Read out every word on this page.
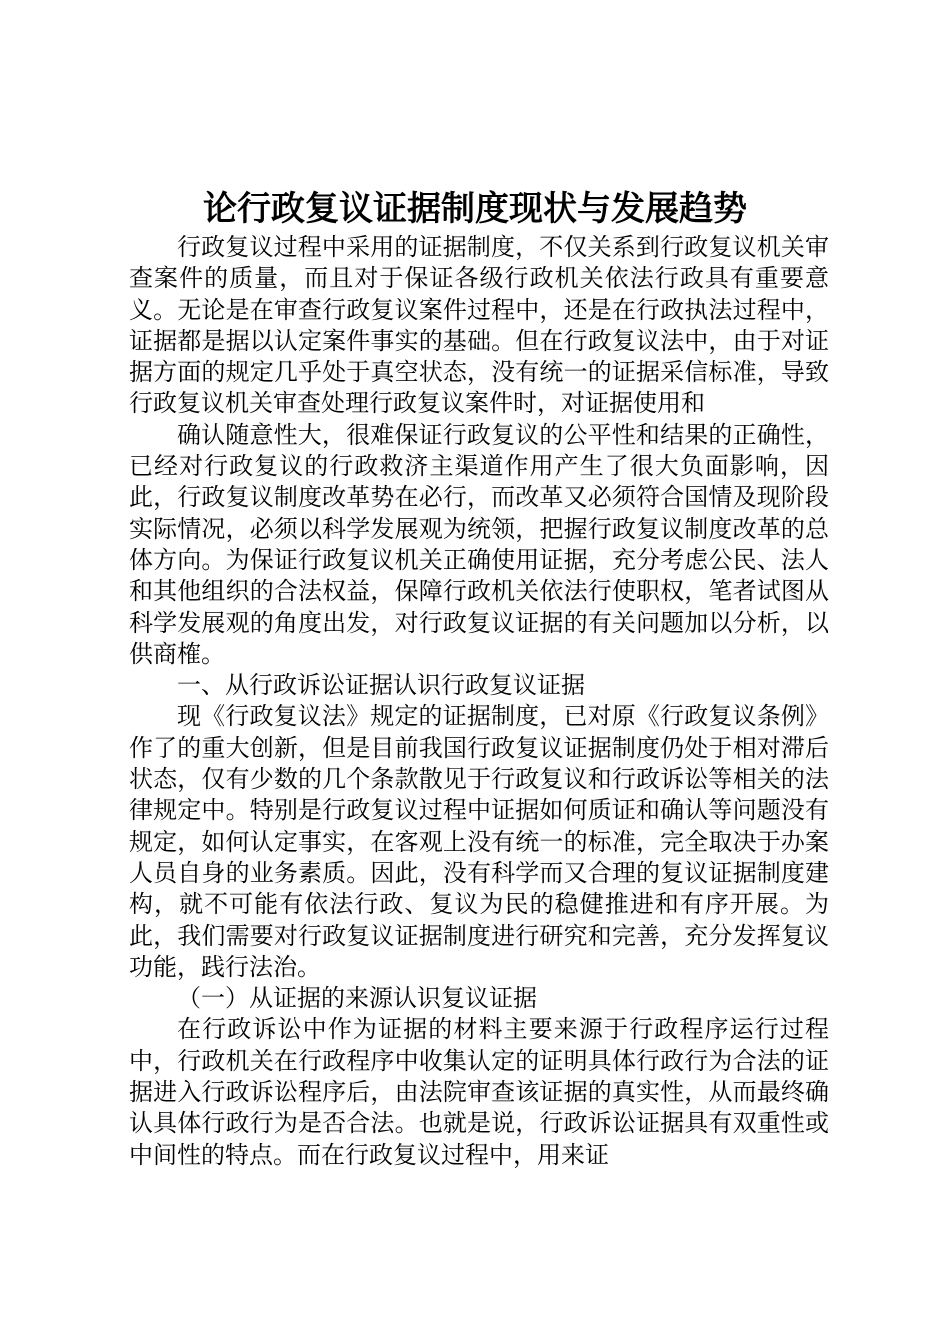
论行政复议证据制度现状与发展趋势

行政复议过程中采用的证据制度，不仅关系到行政复议机关审查案件的质量，而且对于保证各级行政机关依法行政具有重要意义。无论是在审查行政复议案件过程中，还是在行政执法过程中，证据都是据以认定案件事实的基础。但在行政复议法中，由于对证据方面的规定几乎处于真空状态，没有统一的证据采信标准，导致行政复议机关审查处理行政复议案件时，对证据使用和

确认随意性大，很难保证行政复议的公平性和结果的正确性，已经对行政复议的行政救济主渠道作用产生了很大负面影响，因此，行政复议制度改革势在必行，而改革又必须符合国情及现阶段实际情况，必须以科学发展观为统领，把握行政复议制度改革的总体方向。为保证行政复议机关正确使用证据，充分考虑公民、法人和其他组织的合法权益，保障行政机关依法行使职权，笔者试图从科学发展观的角度出发，对行政复议证据的有关问题加以分析，以供商榷。

一、从行政诉讼证据认识行政复议证据

现《行政复议法》规定的证据制度，已对原《行政复议条例》作了的重大创新，但是目前我国行政复议证据制度仍处于相对滞后状态，仅有少数的几个条款散见于行政复议和行政诉讼等相关的法律规定中。特别是行政复议过程中证据如何质证和确认等问题没有规定，如何认定事实，在客观上没有统一的标准，完全取决于办案人员自身的业务素质。因此，没有科学而又合理的复议证据制度建构，就不可能有依法行政、复议为民的稳健推进和有序开展。为此，我们需要对行政复议证据制度进行研究和完善，充分发挥复议功能，践行法治。

（一）从证据的来源认识复议证据

在行政诉讼中作为证据的材料主要来源于行政程序运行过程中，行政机关在行政程序中收集认定的证明具体行政行为合法的证据进入行政诉讼程序后，由法院审查该证据的真实性，从而最终确认具体行政行为是否合法。也就是说，行政诉讼证据具有双重性或中间性的特点。而在行政复议过程中，用来证
